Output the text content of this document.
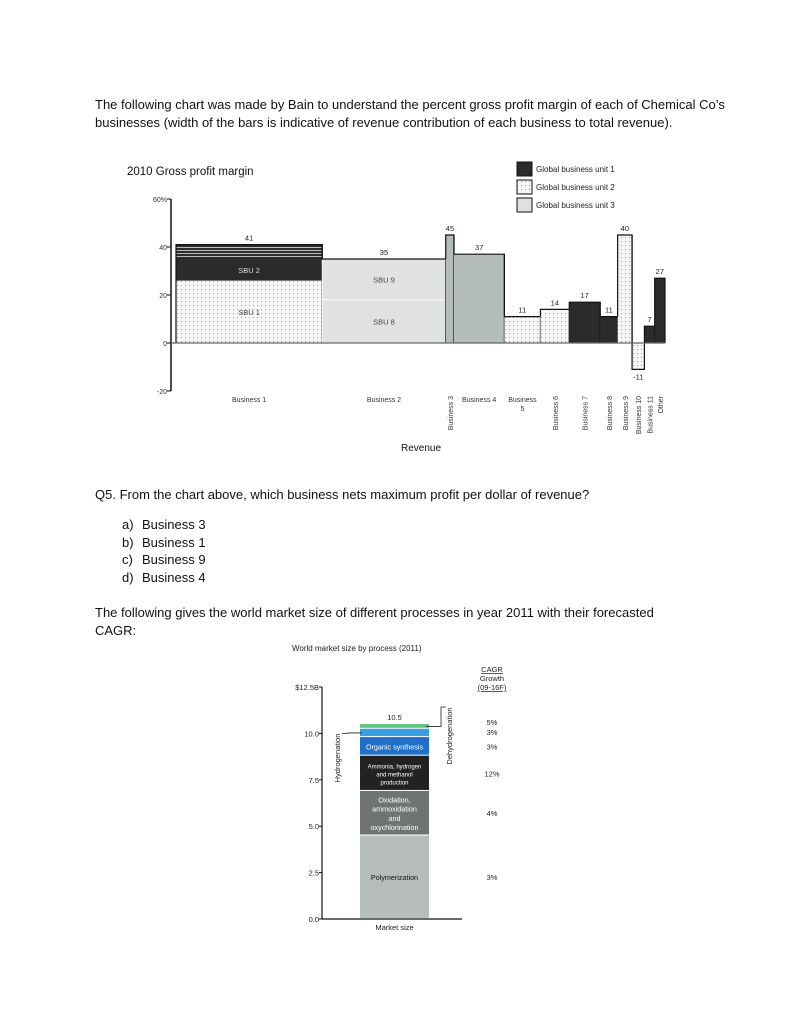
The following chart was made by Bain to understand the percent gross profit margin of each of Chemical Co’s businesses (width of the bars is indicative of revenue contribution of each business to total revenue).
Q5. From the chart above, which business nets maximum profit per dollar of revenue?
a) Business 3
b) Business 1
c) Business 9
d) Business 4
The following gives the world market size of different processes in year 2011 with their forecasted CAGR:
2010 Gross profit margin	Global business unit 1
Global business unit 2
Global business unit 3
-20
0
20
40
60%
SBU 1
SBU 2
41
Business 1
SBU 8
SBU 9
35
Business 2
45
Business 3
37
Business 4
11
Business
5
14
Business 6
17
Business 7
11
Business 8
40
Business 9
-11
Business 10
7
Business 11
27
Other
Revenue
World market size by process (2011)
0.0
2.5
5.0
7.5
10.0
$12.5B
Polymerization	3%
Oxidation,
ammoxidation
and
oxychlorination
4%
Ammonia, hydrogen
and methanol
production
12%
Organic synthesis	3%
3%
5%
Hydrogenation	Dehydrogenation
10.5
CAGR
Growth
(09-16F)
Market size
